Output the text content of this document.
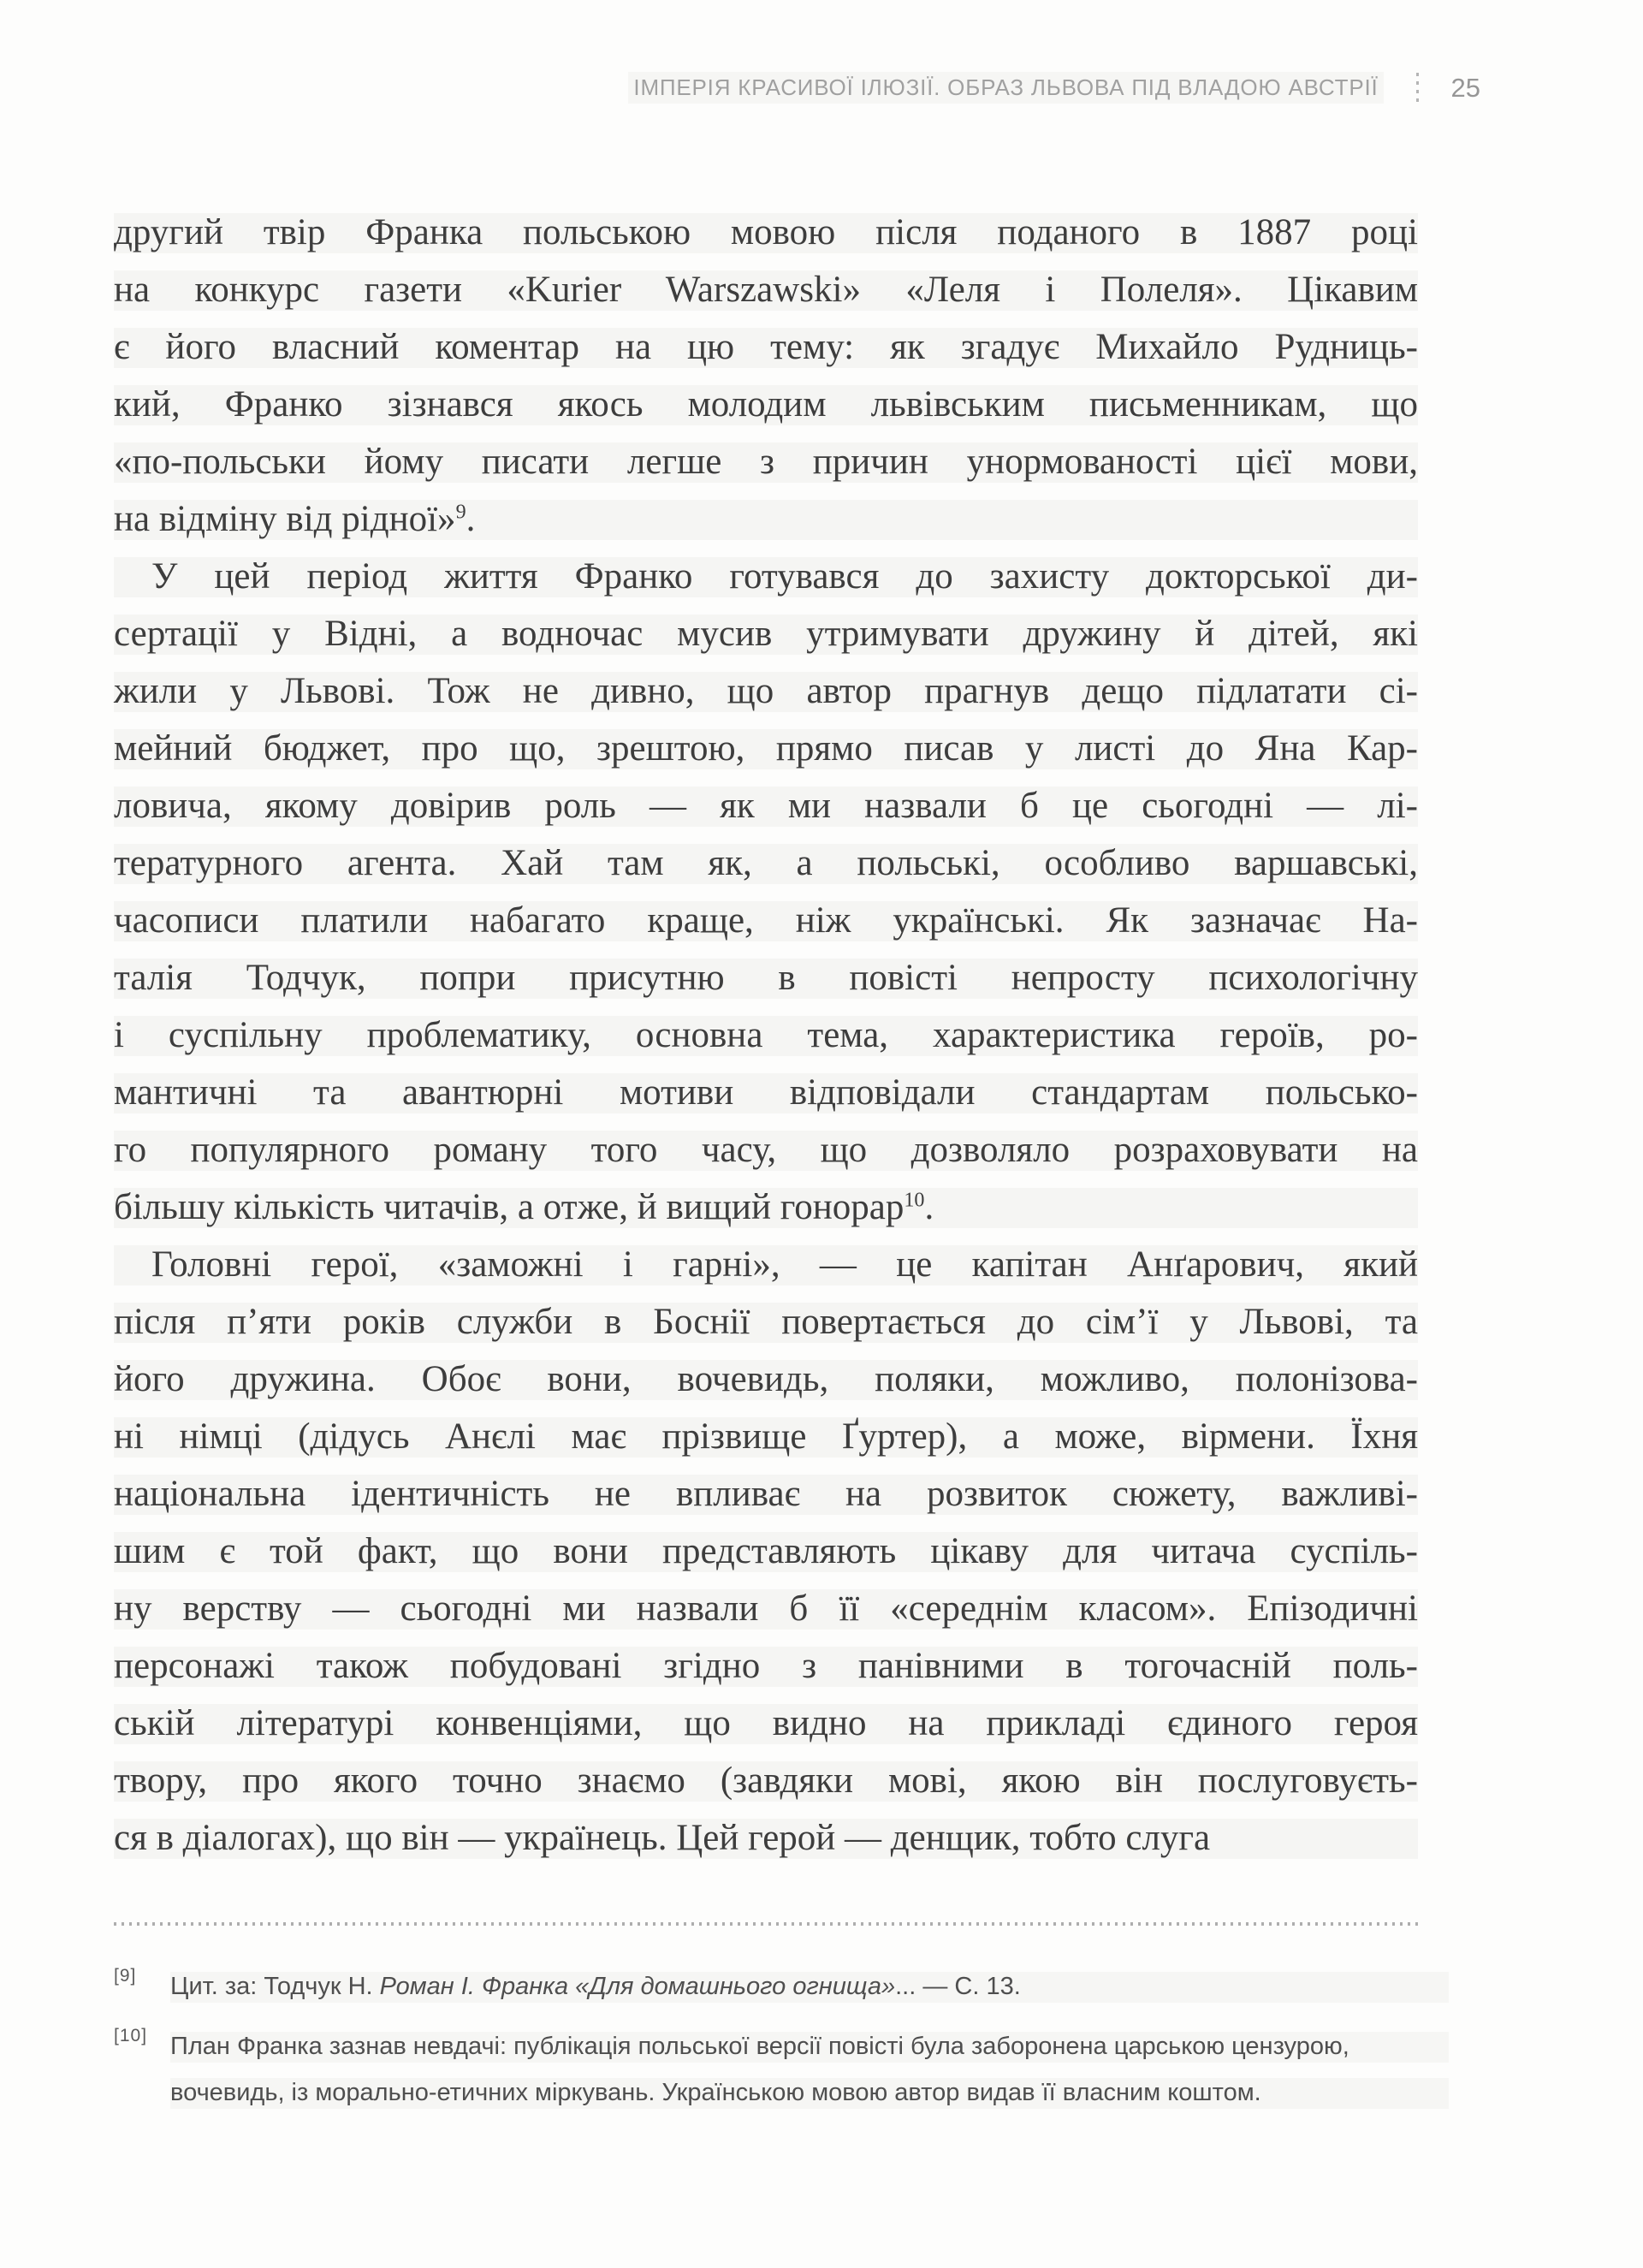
ІМПЕРІЯ КРАСИВОЇ ІЛЮЗІЇ. ОБРАЗ ЛЬВОВА ПІД ВЛАДОЮ АВСТРІЇ	25
другий твір Франка польською мовою після поданого в 1887 році
на конкурс газети «Kurier Warszawski» «Леля і Полеля». Цікавим
є його власний коментар на цю тему: як згадує Михайло Рудниць-
кий, Франко зізнався якось молодим львівським письменникам, що
«по-польськи йому писати легше з причин унормованості цієї мови,
на відміну від рідної»$^9$.
У цей період життя Франко готувався до захисту докторської ди-
сертації у Відні, а водночас мусив утримувати дружину й дітей, які
жили у Львові. Тож не дивно, що автор прагнув дещо підлатати сі-
мейний бюджет, про що, зрештою, прямо писав у листі до Яна Кар-
ловича, якому довірив роль — як ми назвали б це сьогодні — лі-
тературного агента. Хай там як, а польські, особливо варшавські,
часописи платили набагато краще, ніж українські. Як зазначає На-
талія Тодчук, попри присутню в повісті непросту психологічну
і суспільну проблематику, основна тема, характеристика героїв, ро-
мантичні та авантюрні мотиви відповідали стандартам польсько-
го популярного роману того часу, що дозволяло розраховувати на
більшу кількість читачів, а отже, й вищий гонорар$^{10}$.
Головні герої, «заможні і гарні», — це капітан Анґарович, який
після п’яти років служби в Боснії повертається до сім’ї у Львові, та
його дружина. Обоє вони, вочевидь, поляки, можливо, полонізова-
ні німці (дідусь Анєлі має прізвище Ґуртер), а може, вірмени. Їхня
національна ідентичність не впливає на розвиток сюжету, важливі-
шим є той факт, що вони представляють цікаву для читача суспіль-
ну верству — сьогодні ми назвали б її «середнім класом». Епізодичні
персонажі також побудовані згідно з панівними в тогочасній поль-
ській літературі конвенціями, що видно на прикладі єдиного героя
твору, про якого точно знаємо (завдяки мові, якою він послуговуєть-
ся в діалогах), що він — українець. Цей герой — денщик, тобто слуга
[9]	Цит. за: Тодчук Н. Роман І. Франка «Для домашнього огнища»... — С. 13.
[10] План Франка зазнав невдачі: публікація польської версії повісті була заборонена царською цензурою,
вочевидь, із морально-етичних міркувань. Українською мовою автор видав її власним коштом.
